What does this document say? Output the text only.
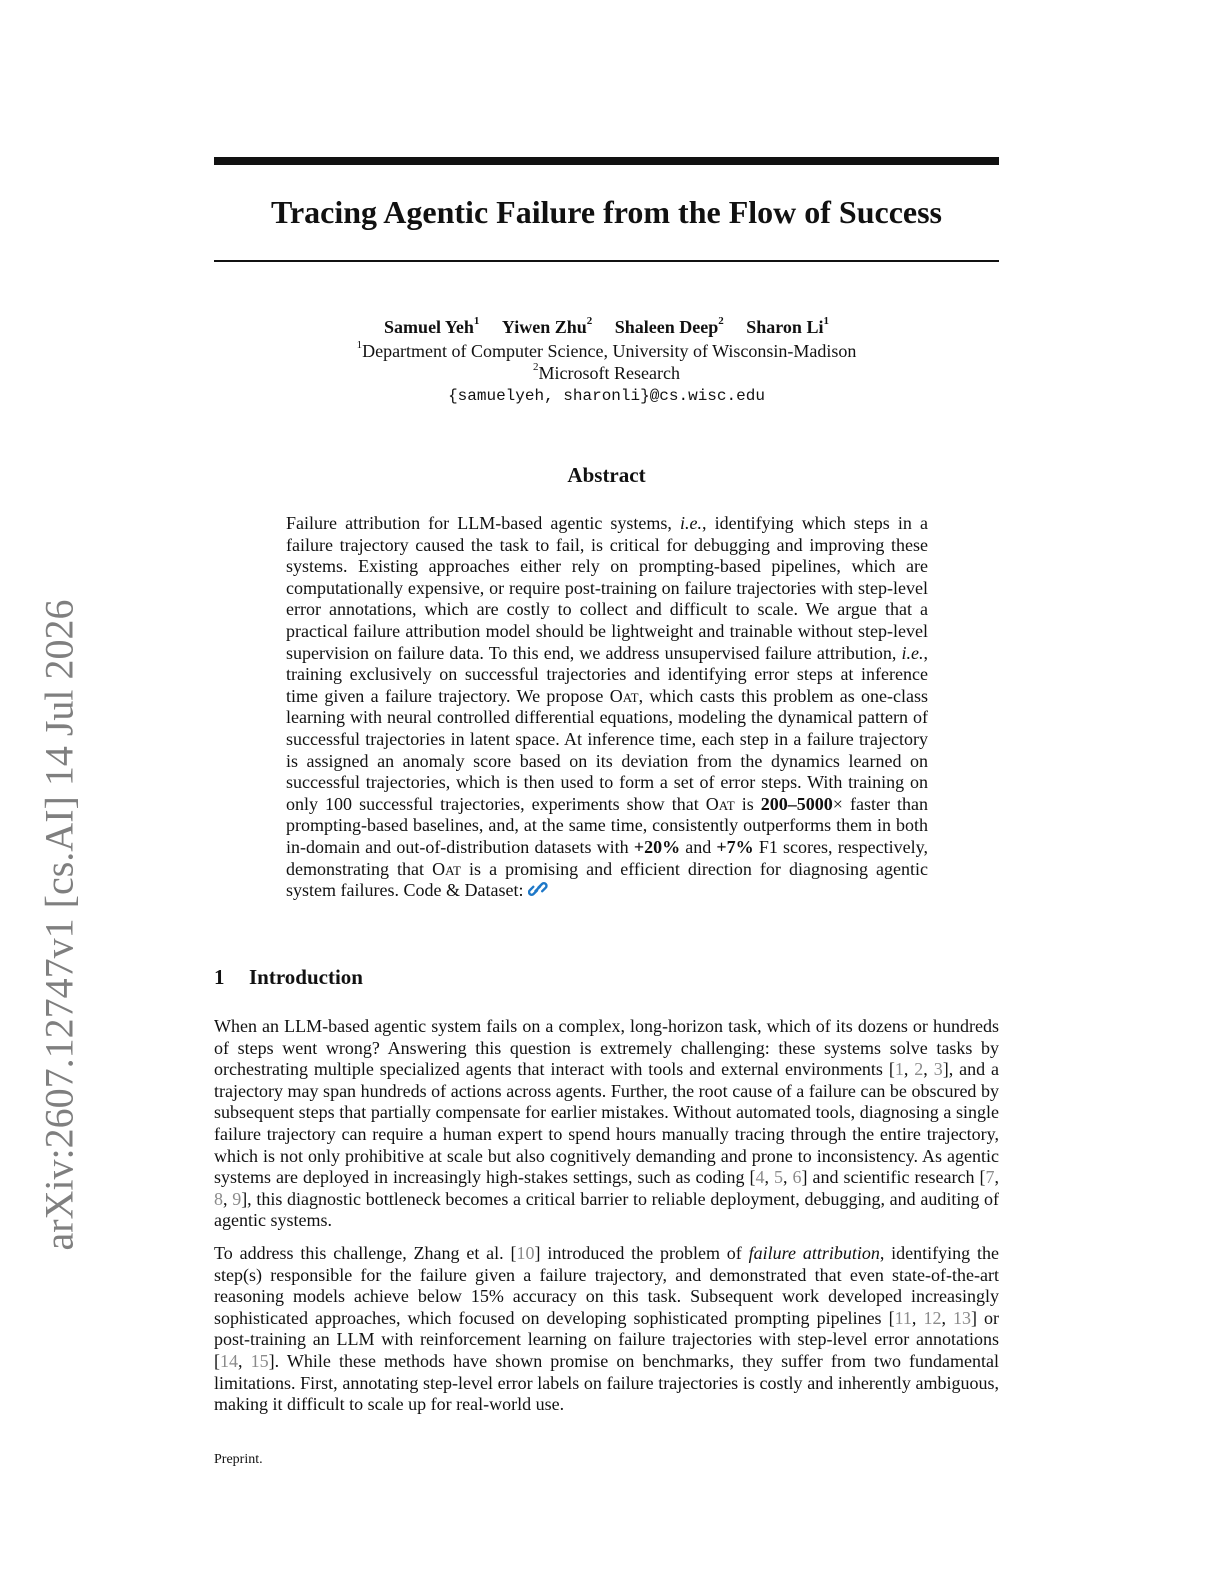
arXiv:2607.12747v1 [cs.AI] 14 Jul 2026
Tracing Agentic Failure from the Flow of Success
Samuel Yeh$^1$ Yiwen Zhu$^2$ Shaleen Deep$^2$ Sharon Li$^1$
$^1$Department of Computer Science, University of Wisconsin-Madison
$^2$Microsoft Research
{samuelyeh, sharonli}@cs.wisc.edu
Abstract

Failure attribution for LLM-based agentic systems, i.e., identifying which steps in a failure trajectory caused the task to fail, is critical for debugging and improving these systems. Existing approaches either rely on prompting-based pipelines, which are computationally expensive, or require post-training on failure trajectories with step-level error annotations, which are costly to collect and difficult to scale. We argue that a practical failure attribution model should be lightweight and trainable without step-level supervision on failure data. To this end, we address unsupervised failure attribution, i.e., training exclusively on successful trajectories and identifying error steps at inference time given a failure trajectory. We propose Oat, which casts this problem as one-class learning with neural controlled differential equations, modeling the dynamical pattern of successful trajectories in latent space. At inference time, each step in a failure trajectory is assigned an anomaly score based on its deviation from the dynamics learned on successful trajectories, which is then used to form a set of error steps. With training on only 100 successful trajectories, experiments show that Oat is 200–5000× faster than prompting-based baselines, and, at the same time, consistently outperforms them in both in-domain and out-of-distribution datasets with +20% and +7% F1 scores, respectively, demonstrating that Oat is a promising and efficient direction for diagnosing agentic system failures. Code & Dataset:

1 Introduction

When an LLM-based agentic system fails on a complex, long-horizon task, which of its dozens or hundreds of steps went wrong? Answering this question is extremely challenging: these systems solve tasks by orchestrating multiple specialized agents that interact with tools and external environments [1, 2, 3], and a trajectory may span hundreds of actions across agents. Further, the root cause of a failure can be obscured by subsequent steps that partially compensate for earlier mistakes. Without automated tools, diagnosing a single failure trajectory can require a human expert to spend hours manually tracing through the entire trajectory, which is not only prohibitive at scale but also cognitively demanding and prone to inconsistency. As agentic systems are deployed in increasingly high-stakes settings, such as coding [4, 5, 6] and scientific research [7, 8, 9], this diagnostic bottleneck becomes a critical barrier to reliable deployment, debugging, and auditing of agentic systems.

To address this challenge, Zhang et al. [10] introduced the problem of failure attribution, identifying the step(s) responsible for the failure given a failure trajectory, and demonstrated that even state-of-the-art reasoning models achieve below 15% accuracy on this task. Subsequent work developed increasingly sophisticated approaches, which focused on developing sophisticated prompting pipelines [11, 12, 13] or post-training an LLM with reinforcement learning on failure trajectories with step-level error annotations [14, 15]. While these methods have shown promise on benchmarks, they suffer from two fundamental limitations. First, annotating step-level error labels on failure trajectories is costly and inherently ambiguous, making it difficult to scale up for real-world use.

Preprint.
